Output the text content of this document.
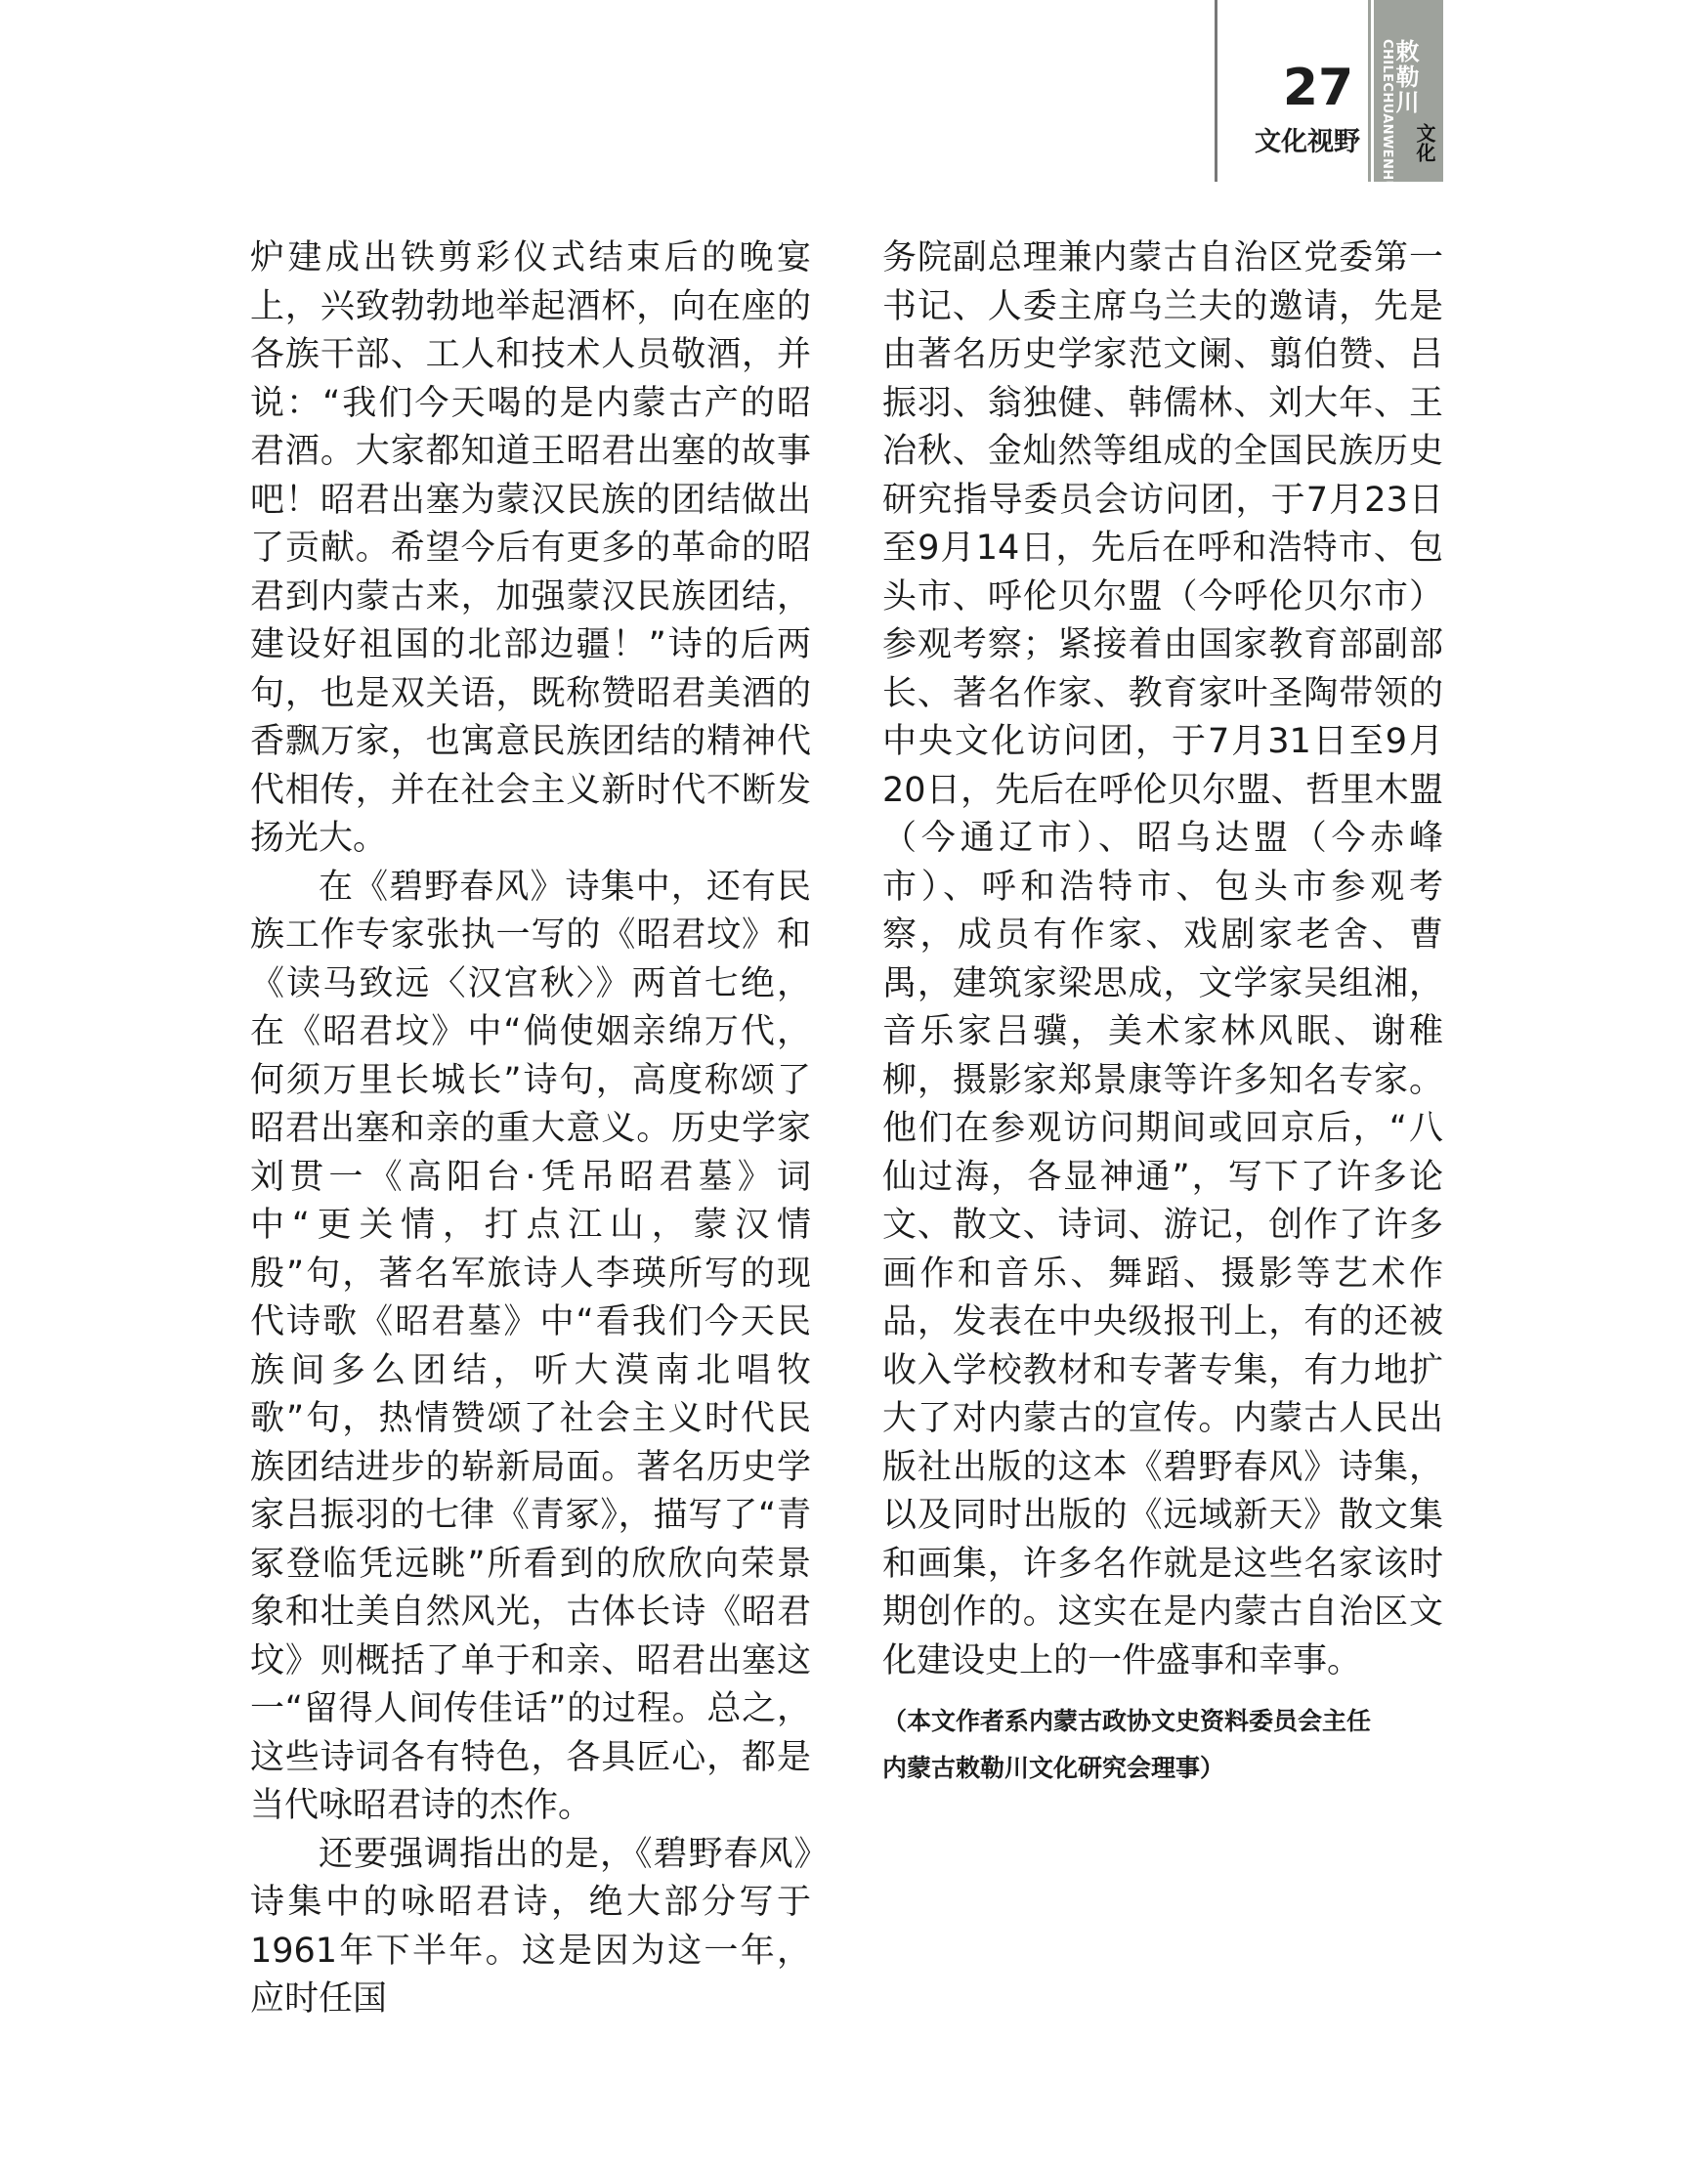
27
文化视野	CHILECHUANWENHUA
敕勒川
文化

炉建成出铁剪彩仪式结束后的晚宴上，兴致勃勃地举起酒杯，向在座的各族干部、工人和技术人员敬酒，并说：“我们今天喝的是内蒙古产的昭君酒。大家都知道王昭君出塞的故事吧！昭君出塞为蒙汉民族的团结做出了贡献。希望今后有更多的革命的昭君到内蒙古来，加强蒙汉民族团结，建设好祖国的北部边疆！”诗的后两句，也是双关语，既称赞昭君美酒的香飘万家，也寓意民族团结的精神代代相传，并在社会主义新时代不断发扬光大。

在《碧野春风》诗集中，还有民族工作专家张执一写的《昭君坟》和《读马致远〈汉宫秋〉》两首七绝，在《昭君坟》中“倘使姻亲绵万代，何须万里长城长”诗句，高度称颂了昭君出塞和亲的重大意义。历史学家刘贯一《高阳台·凭吊昭君墓》词中“更关情，打点江山，蒙汉情殷”句，著名军旅诗人李瑛所写的现代诗歌《昭君墓》中“看我们今天民族间多么团结，听大漠南北唱牧歌”句，热情赞颂了社会主义时代民族团结进步的崭新局面。著名历史学家吕振羽的七律《青冢》，描写了“青冢登临凭远眺”所看到的欣欣向荣景象和壮美自然风光，古体长诗《昭君坟》则概括了单于和亲、昭君出塞这一“留得人间传佳话”的过程。总之，这些诗词各有特色，各具匠心，都是当代咏昭君诗的杰作。

还要强调指出的是，《碧野春风》诗集中的咏昭君诗，绝大部分写于1961年下半年。这是因为这一年，应时任国

务院副总理兼内蒙古自治区党委第一书记、人委主席乌兰夫的邀请，先是由著名历史学家范文阑、翦伯赞、吕振羽、翁独健、韩儒林、刘大年、王冶秋、金灿然等组成的全国民族历史研究指导委员会访问团，于7月23日至9月14日，先后在呼和浩特市、包头市、呼伦贝尔盟（今呼伦贝尔市）参观考察；紧接着由国家教育部副部长、著名作家、教育家叶圣陶带领的中央文化访问团，于7月31日至9月20日，先后在呼伦贝尔盟、哲里木盟（今通辽市）、昭乌达盟（今赤峰市）、呼和浩特市、包头市参观考察，成员有作家、戏剧家老舍、曹禺，建筑家梁思成，文学家吴组湘，音乐家吕骥，美术家林风眠、谢稚柳，摄影家郑景康等许多知名专家。他们在参观访问期间或回京后，“八仙过海，各显神通”，写下了许多论文、散文、诗词、游记，创作了许多画作和音乐、舞蹈、摄影等艺术作品，发表在中央级报刊上，有的还被收入学校教材和专著专集，有力地扩大了对内蒙古的宣传。内蒙古人民出版社出版的这本《碧野春风》诗集，以及同时出版的《远域新天》散文集和画集，许多名作就是这些名家该时期创作的。这实在是内蒙古自治区文化建设史上的一件盛事和幸事。

（本文作者系内蒙古政协文史资料委员会主任

内蒙古敕勒川文化研究会理事）
